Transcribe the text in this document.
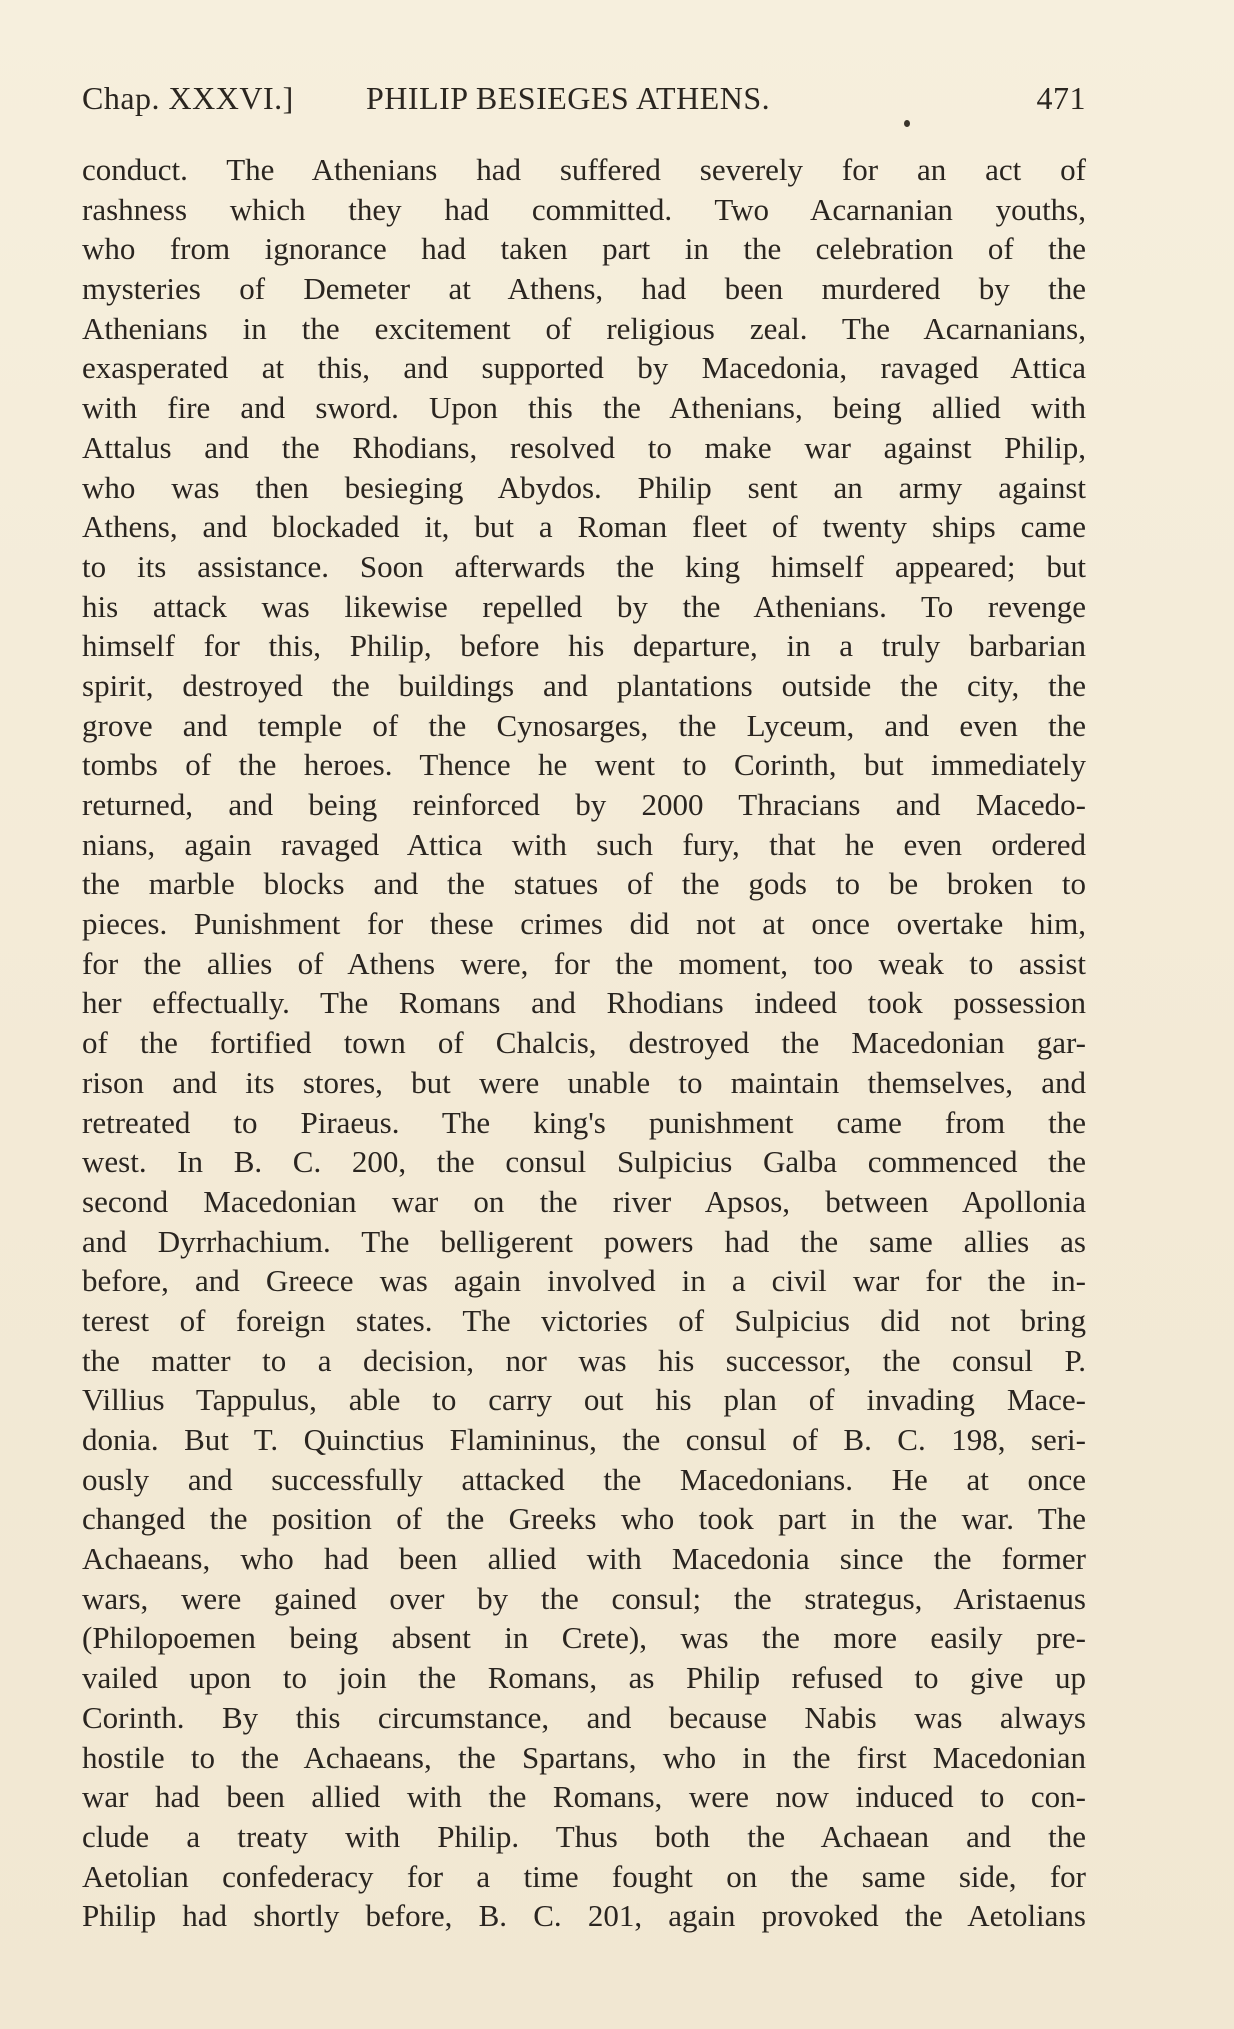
Chap. XXXVI.] PHILIP BESIEGES ATHENS.	471
conduct. The Athenians had suffered severely for an act of
rashness which they had committed. Two Acarnanian youths,
who from ignorance had taken part in the celebration of the
mysteries of Demeter at Athens, had been murdered by the
Athenians in the excitement of religious zeal. The Acarnanians,
exasperated at this, and supported by Macedonia, ravaged Attica
with fire and sword. Upon this the Athenians, being allied with
Attalus and the Rhodians, resolved to make war against Philip,
who was then besieging Abydos. Philip sent an army against
Athens, and blockaded it, but a Roman fleet of twenty ships came
to its assistance. Soon afterwards the king himself appeared; but
his attack was likewise repelled by the Athenians. To revenge
himself for this, Philip, before his departure, in a truly barbarian
spirit, destroyed the buildings and plantations outside the city, the
grove and temple of the Cynosarges, the Lyceum, and even the
tombs of the heroes. Thence he went to Corinth, but immediately
returned, and being reinforced by 2000 Thracians and Macedo-
nians, again ravaged Attica with such fury, that he even ordered
the marble blocks and the statues of the gods to be broken to
pieces. Punishment for these crimes did not at once overtake him,
for the allies of Athens were, for the moment, too weak to assist
her effectually. The Romans and Rhodians indeed took possession
of the fortified town of Chalcis, destroyed the Macedonian gar-
rison and its stores, but were unable to maintain themselves, and
retreated to Piraeus. The king's punishment came from the
west. In B. C. 200, the consul Sulpicius Galba commenced the
second Macedonian war on the river Apsos, between Apollonia
and Dyrrhachium. The belligerent powers had the same allies as
before, and Greece was again involved in a civil war for the in-
terest of foreign states. The victories of Sulpicius did not bring
the matter to a decision, nor was his successor, the consul P.
Villius Tappulus, able to carry out his plan of invading Mace-
donia. But T. Quinctius Flamininus, the consul of B. C. 198, seri-
ously and successfully attacked the Macedonians. He at once
changed the position of the Greeks who took part in the war. The
Achaeans, who had been allied with Macedonia since the former
wars, were gained over by the consul; the strategus, Aristaenus
(Philopoemen being absent in Crete), was the more easily pre-
vailed upon to join the Romans, as Philip refused to give up
Corinth. By this circumstance, and because Nabis was always
hostile to the Achaeans, the Spartans, who in the first Macedonian
war had been allied with the Romans, were now induced to con-
clude a treaty with Philip. Thus both the Achaean and the
Aetolian confederacy for a time fought on the same side, for
Philip had shortly before, B. C. 201, again provoked the Aetolians
